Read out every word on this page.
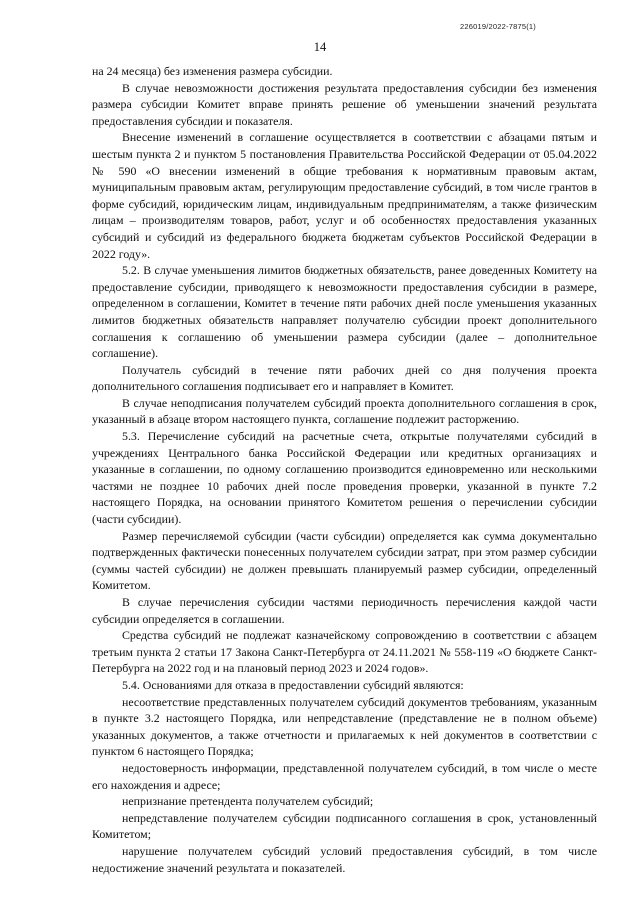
226019/2022-7875(1)
14

на 24 месяца) без изменения размера субсидии.

В случае невозможности достижения результата предоставления субсидии без изменения размера субсидии Комитет вправе принять решение об уменьшении значений результата предоставления субсидии и показателя.

Внесение изменений в соглашение осуществляется в соответствии с абзацами пятым и шестым пункта 2 и пунктом 5 постановления Правительства Российской Федерации от 05.04.2022 № 590 «О внесении изменений в общие требования к нормативным правовым актам, муниципальным правовым актам, регулирующим предоставление субсидий, в том числе грантов в форме субсидий, юридическим лицам, индивидуальным предпринимателям, а также физическим лицам – производителям товаров, работ, услуг и об особенностях предоставления указанных субсидий и субсидий из федерального бюджета бюджетам субъектов Российской Федерации в 2022 году».

5.2. В случае уменьшения лимитов бюджетных обязательств, ранее доведенных Комитету на предоставление субсидии, приводящего к невозможности предоставления субсидии в размере, определенном в соглашении, Комитет в течение пяти рабочих дней после уменьшения указанных лимитов бюджетных обязательств направляет получателю субсидии проект дополнительного соглашения к соглашению об уменьшении размера субсидии (далее – дополнительное соглашение).

Получатель субсидий в течение пяти рабочих дней со дня получения проекта дополнительного соглашения подписывает его и направляет в Комитет.

В случае неподписания получателем субсидий проекта дополнительного соглашения в срок, указанный в абзаце втором настоящего пункта, соглашение подлежит расторжению.

5.3. Перечисление субсидий на расчетные счета, открытые получателями субсидий в учреждениях Центрального банка Российской Федерации или кредитных организациях и указанные в соглашении, по одному соглашению производится единовременно или несколькими частями не позднее 10 рабочих дней после проведения проверки, указанной в пункте 7.2 настоящего Порядка, на основании принятого Комитетом решения о перечислении субсидии (части субсидии).

Размер перечисляемой субсидии (части субсидии) определяется как сумма документально подтвержденных фактически понесенных получателем субсидии затрат, при этом размер субсидии (суммы частей субсидии) не должен превышать планируемый размер субсидии, определенный Комитетом.

В случае перечисления субсидии частями периодичность перечисления каждой части субсидии определяется в соглашении.

Средства субсидий не подлежат казначейскому сопровождению в соответствии с абзацем третьим пункта 2 статьи 17 Закона Санкт-Петербурга от 24.11.2021 № 558-119 «О бюджете Санкт-Петербурга на 2022 год и на плановый период 2023 и 2024 годов».

5.4. Основаниями для отказа в предоставлении субсидий являются:

несоответствие представленных получателем субсидий документов требованиям, указанным в пункте 3.2 настоящего Порядка, или непредставление (представление не в полном объеме) указанных документов, а также отчетности и прилагаемых к ней документов в соответствии с пунктом 6 настоящего Порядка;

недостоверность информации, представленной получателем субсидий, в том числе о месте его нахождения и адресе;

непризнание претендента получателем субсидий;

непредставление получателем субсидии подписанного соглашения в срок, установленный Комитетом;

нарушение получателем субсидий условий предоставления субсидий, в том числе недостижение значений результата и показателей.
